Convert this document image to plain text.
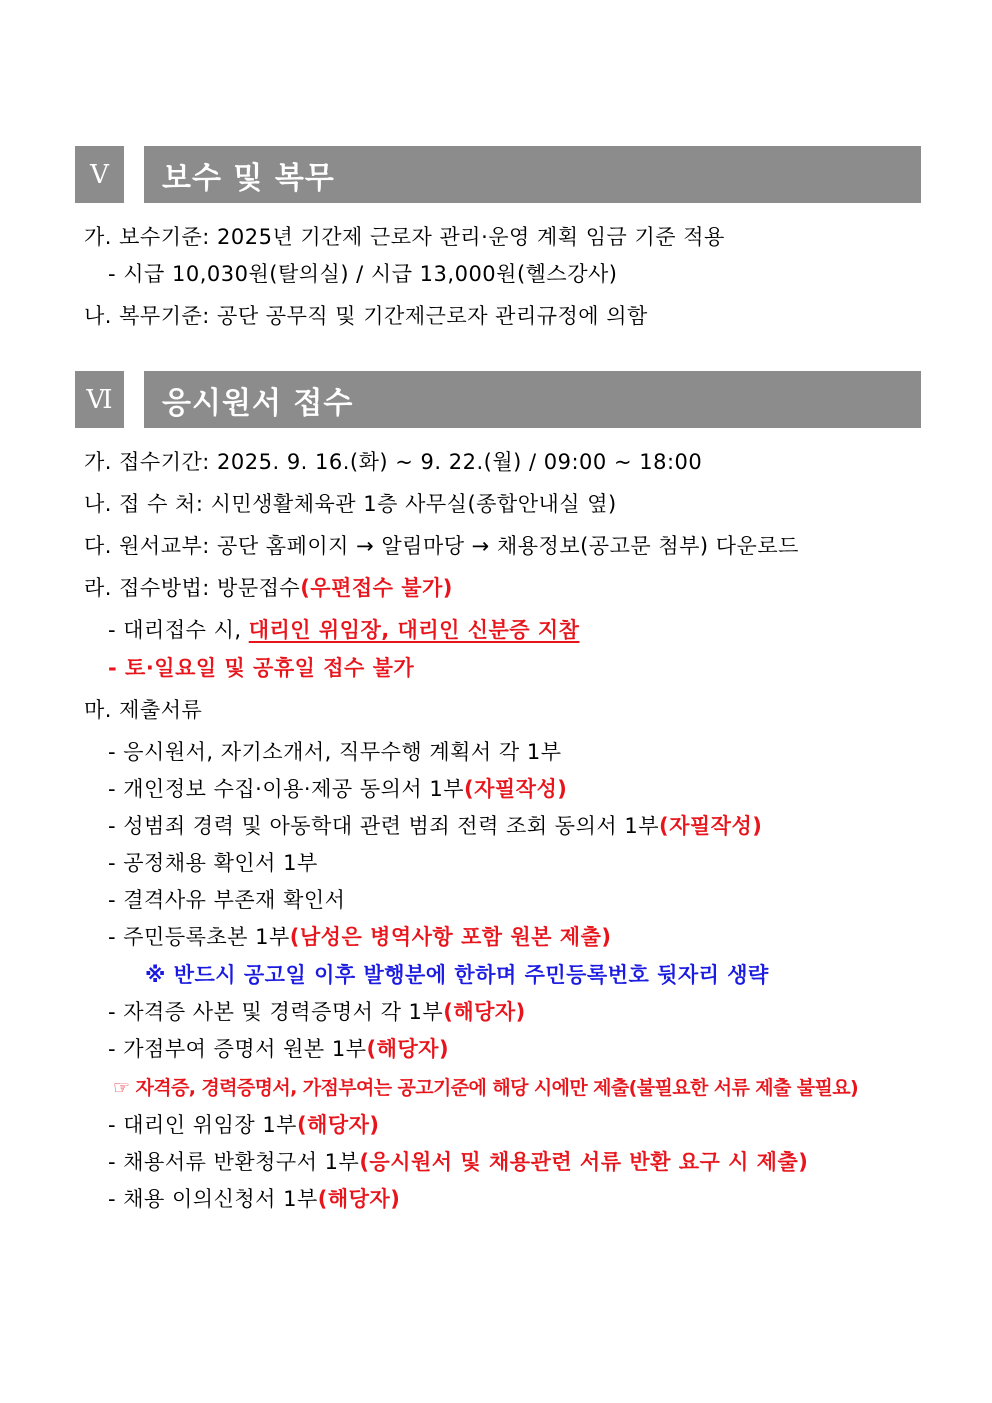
Ⅴ	보수 및 복무
가. 보수기준: 2025년 기간제 근로자 관리·운영 계획 임금 기준 적용
- 시급 10,030원(탈의실) / 시급 13,000원(헬스강사)
나. 복무기준: 공단 공무직 및 기간제근로자 관리규정에 의함
Ⅵ	응시원서 접수
가. 접수기간: 2025. 9. 16.(화) ~ 9. 22.(월) / 09:00 ~ 18:00
나. 접 수 처: 시민생활체육관 1층 사무실(종합안내실 옆)
다. 원서교부: 공단 홈페이지 → 알림마당 → 채용정보(공고문 첨부) 다운로드
라. 접수방법: 방문접수(우편접수 불가)
- 대리접수 시, 대리인 위임장, 대리인 신분증 지참
- 토·일요일 및 공휴일 접수 불가
마. 제출서류
- 응시원서, 자기소개서, 직무수행 계획서 각 1부
- 개인정보 수집·이용·제공 동의서 1부(자필작성)
- 성범죄 경력 및 아동학대 관련 범죄 전력 조회 동의서 1부(자필작성)
- 공정채용 확인서 1부
- 결격사유 부존재 확인서
- 주민등록초본 1부(남성은 병역사항 포함 원본 제출)
※ 반드시 공고일 이후 발행분에 한하며 주민등록번호 뒷자리 생략
- 자격증 사본 및 경력증명서 각 1부(해당자)
- 가점부여 증명서 원본 1부(해당자)
☞ 자격증, 경력증명서, 가점부여는 공고기준에 해당 시에만 제출(불필요한 서류 제출 불필요)
- 대리인 위임장 1부(해당자)
- 채용서류 반환청구서 1부(응시원서 및 채용관련 서류 반환 요구 시 제출)
- 채용 이의신청서 1부(해당자)
